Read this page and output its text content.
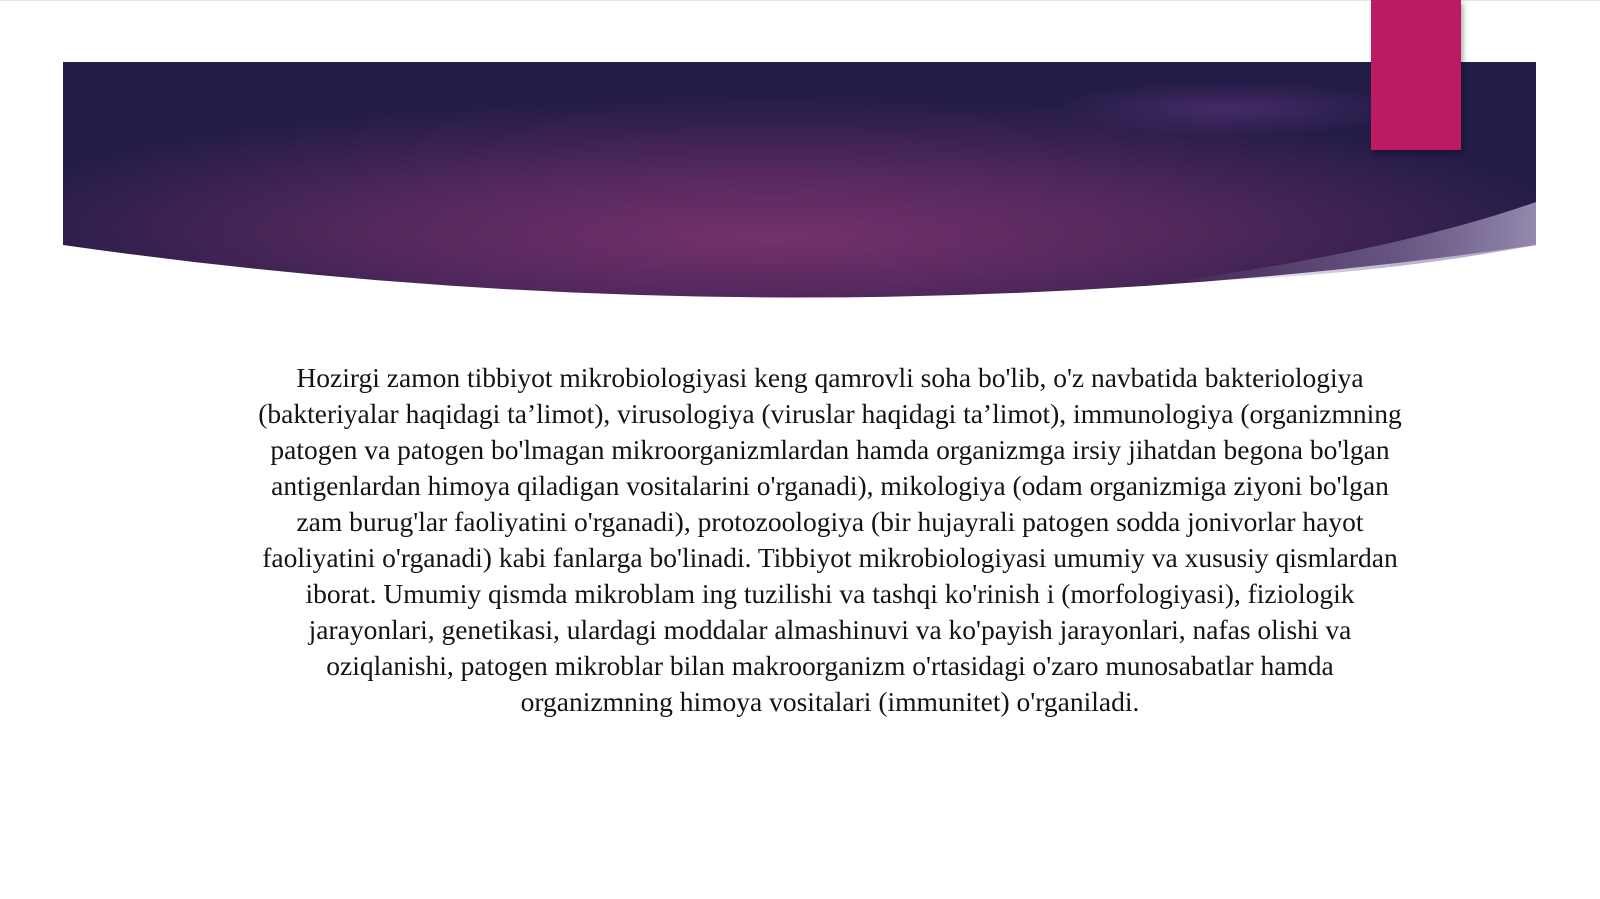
Hozirgi zamon tibbiyot mikrobiologiyasi keng qamrovli soha bo'lib, o'z navbatida bakteriologiya (bakteriyalar haqidagi ta’limot), virusologiya (viruslar haqidagi ta’limot), immunologiya (organizmning patogen va patogen bo'lmagan mikroorganizmlardan hamda organizmga irsiy jihatdan begona bo'lgan antigenlardan himoya qiladigan vositalarini o'rganadi), mikologiya (odam organizmiga ziyoni bo'lgan zam burug'lar faoliyatini o'rganadi), protozoologiya (bir hujayrali patogen sodda jonivorlar hayot faoliyatini o'rganadi) kabi fanlarga bo'linadi. Tibbiyot mikrobiologiyasi umumiy va xususiy qismlardan iborat. Umumiy qismda mikroblam ing tuzilishi va tashqi ko'rinish i (morfologiyasi), fiziologik jarayonlari, genetikasi, ulardagi moddalar almashinuvi va ko'payish jarayonlari, nafas olishi va oziqlanishi, patogen mikroblar bilan makroorganizm o'rtasidagi o'zaro munosabatlar hamda organizmning himoya vositalari (immunitet) o'rganiladi.
